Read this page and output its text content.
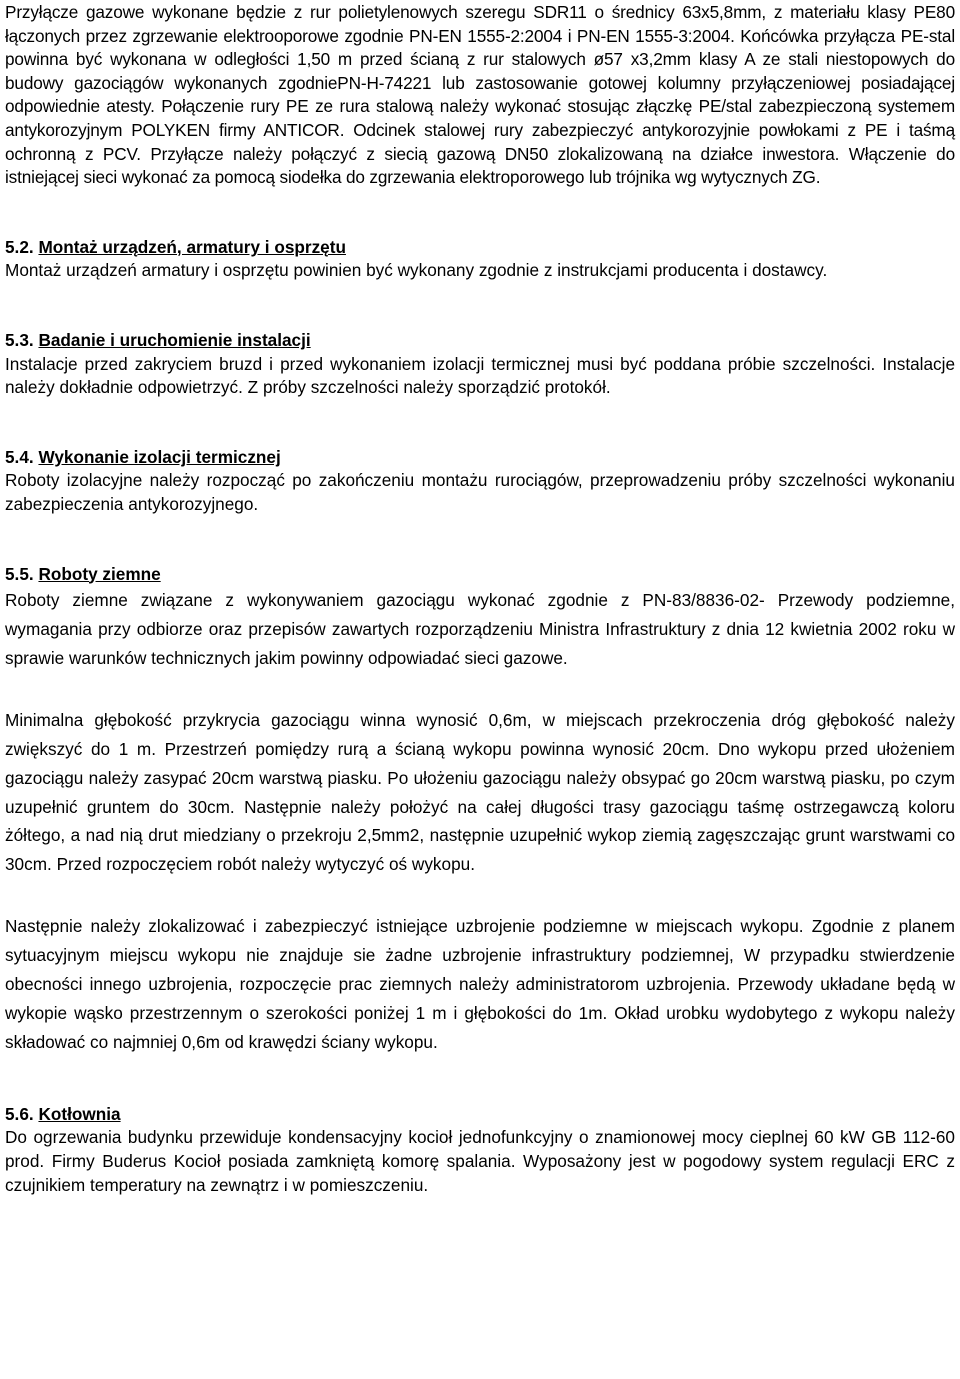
Przyłącze gazowe wykonane będzie z rur polietylenowych szeregu SDR11 o średnicy 63x5,8mm, z materiału klasy PE80 łączonych przez zgrzewanie elektrooporowe zgodnie PN-EN 1555-2:2004 i PN-EN 1555-3:2004. Końcówka przyłącza PE-stal powinna być wykonana w odległości 1,50 m przed ścianą z rur stalowych ø57 x3,2mm klasy A ze stali niestopowych do budowy gazociągów wykonanych zgodniePN-H-74221 lub zastosowanie gotowej kolumny przyłączeniowej posiadającej odpowiednie atesty. Połączenie rury PE ze rura stalową należy wykonać stosując złączkę PE/stal zabezpieczoną systemem antykorozyjnym POLYKEN firmy ANTICOR. Odcinek stalowej rury zabezpieczyć antykorozyjnie powłokami z PE i taśmą ochronną z PCV. Przyłącze należy połączyć z siecią gazową DN50 zlokalizowaną na działce inwestora. Włączenie do istniejącej sieci wykonać za pomocą siodełka do zgrzewania elektroporowego lub trójnika wg wytycznych ZG.

5.2. Montaż urządzeń, armatury i osprzętu

Montaż urządzeń armatury i osprzętu powinien być wykonany zgodnie z instrukcjami producenta i dostawcy.

5.3. Badanie i uruchomienie instalacji

Instalacje przed zakryciem bruzd i przed wykonaniem izolacji termicznej musi być poddana próbie szczelności. Instalacje należy dokładnie odpowietrzyć. Z próby szczelności należy sporządzić protokół.

5.4. Wykonanie izolacji termicznej

Roboty izolacyjne należy rozpocząć po zakończeniu montażu rurociągów, przeprowadzeniu próby szczelności wykonaniu zabezpieczenia antykorozyjnego.

5.5. Roboty ziemne

Roboty ziemne związane z wykonywaniem gazociągu wykonać zgodnie z PN-83/8836-02- Przewody podziemne, wymagania przy odbiorze oraz przepisów zawartych rozporządzeniu Ministra Infrastruktury z dnia 12 kwietnia 2002 roku w sprawie warunków technicznych jakim powinny odpowiadać sieci gazowe.

Minimalna głębokość przykrycia gazociągu winna wynosić 0,6m, w miejscach przekroczenia dróg głębokość należy zwiększyć do 1 m. Przestrzeń pomiędzy rurą a ścianą wykopu powinna wynosić 20cm. Dno wykopu przed ułożeniem gazociągu należy zasypać 20cm warstwą piasku. Po ułożeniu gazociągu należy obsypać go 20cm warstwą piasku, po czym uzupełnić gruntem do 30cm. Następnie należy położyć na całej długości trasy gazociągu taśmę ostrzegawczą koloru żółtego, a nad nią drut miedziany o przekroju 2,5mm2, następnie uzupełnić wykop ziemią zagęszczając grunt warstwami co 30cm. Przed rozpoczęciem robót należy wytyczyć oś wykopu.

Następnie należy zlokalizować i zabezpieczyć istniejące uzbrojenie podziemne w miejscach wykopu. Zgodnie z planem sytuacyjnym miejscu wykopu nie znajduje sie żadne uzbrojenie infrastruktury podziemnej, W przypadku stwierdzenie obecności innego uzbrojenia, rozpoczęcie prac ziemnych należy administratorom uzbrojenia. Przewody układane będą w wykopie wąsko przestrzennym o szerokości poniżej 1 m i głębokości do 1m. Okład urobku wydobytego z wykopu należy składować co najmniej 0,6m od krawędzi ściany wykopu.

5.6. Kotłownia

Do ogrzewania budynku przewiduje kondensacyjny kocioł jednofunkcyjny o znamionowej mocy cieplnej 60 kW GB 112-60 prod. Firmy Buderus Kocioł posiada zamkniętą komorę spalania. Wyposażony jest w pogodowy system regulacji ERC z czujnikiem temperatury na zewnątrz i w pomieszczeniu.
